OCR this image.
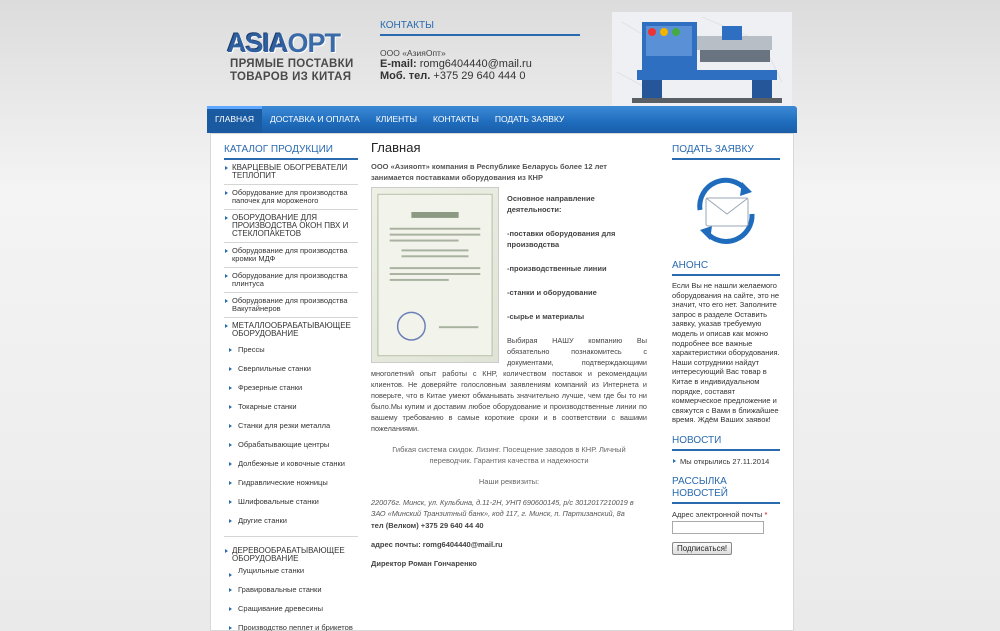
ASIAOPT
ПРЯМЫЕ ПОСТАВКИ
ТОВАРОВ ИЗ КИТАЯ
КОНТАКТЫ
ООО «АзияОпт»
E-mail: romg6404440@mail.ru
Моб. тел. +375 29 640 444 0
ГЛАВНАЯ	ДОСТАВКА И ОПЛАТА	КЛИЕНТЫ	КОНТАКТЫ	ПОДАТЬ ЗАЯВКУ
КАТАЛОГ ПРОДУКЦИИ
КВАРЦЕВЫЕ ОБОГРЕВАТЕЛИ ТЕПЛОПИТ
Оборудование для производства папочек для мороженого
ОБОРУДОВАНИЕ ДЛЯ ПРОИЗВОДСТВА ОКОН ПВХ И СТЕКЛОПАКЕТОВ
Оборудование для производства кромки МДФ
Оборудование для производства плинтуса
Оборудование для производства Вакутайнеров
МЕТАЛЛООБРАБАТЫВАЮЩЕЕ ОБОРУДОВАНИЕ
Прессы
Сверлильные станки
Фрезерные станки
Токарные станки
Станки для резки металла
Обрабатывающие центры
Долбежные и ковочные станки
Гидравлические ножницы
Шлифовальные станки
Другие станки
ДЕРЕВООБРАБАТЫВАЮЩЕЕ ОБОРУДОВАНИЕ
Лущильные станки
Гравировальные станки
Сращивание древесины
Производство пеплет и брикетов
Главная
ООО «Азияопт» компания в Республике Беларусь более 12 лет занимается поставками оборудования из КНР

Основное направление деятельности:

-поставки оборудования для производства

-производственные линии

-станки и оборудование

-сырье и материалы

Выбирая НАШУ компанию Вы обязательно познакомитесь с документами, подтверждающими многолетний опыт работы с КНР, количеством поставок и рекомендации клиентов. Не доверяйте голословным заявлениям компаний из Интернета и поверьте, что в Китае умеют обманывать значительно лучше, чем где бы то ни было.Мы купим и доставим любое оборудование и производственные линии по вашему требованию в самые короткие сроки и в соответствии с вашими пожеланиями.
Гибкая система скидок. Лизинг. Посещение заводов в КНР. Личный переводчик. Гарантия качества и надежности
Наши реквизиты:
220076г. Минск, ул. Кульбина, д.11-2Н, УНП 690600145, р/с 3012017210019 в ЗАО «Минский Транзитный банк», код 117, г. Минск, п. Партизанский, 8а
тел (Велком) +375 29 640 44 40
адрес почты: romg6404440@mail.ru
Директор Роман Гончаренко
ПОДАТЬ ЗАЯВКУ
АНОНС
Если Вы не нашли желаемого оборудования на сайте, это не значит, что его нет. Заполните запрос в разделе Оставить заявку, указав требуемую модель и описав как можно подробнее все важные характеристики оборудования. Наши сотрудники найдут интересующий Вас товар в Китае в индивидуальном порядке, составят коммерческое предложение и свяжутся с Вами в ближайшее время. Ждём Ваших заявок!
НОВОСТИ
Мы открылись 27.11.2014
РАССЫЛКА НОВОСТЕЙ
Адрес электронной почты *

Подписаться!
